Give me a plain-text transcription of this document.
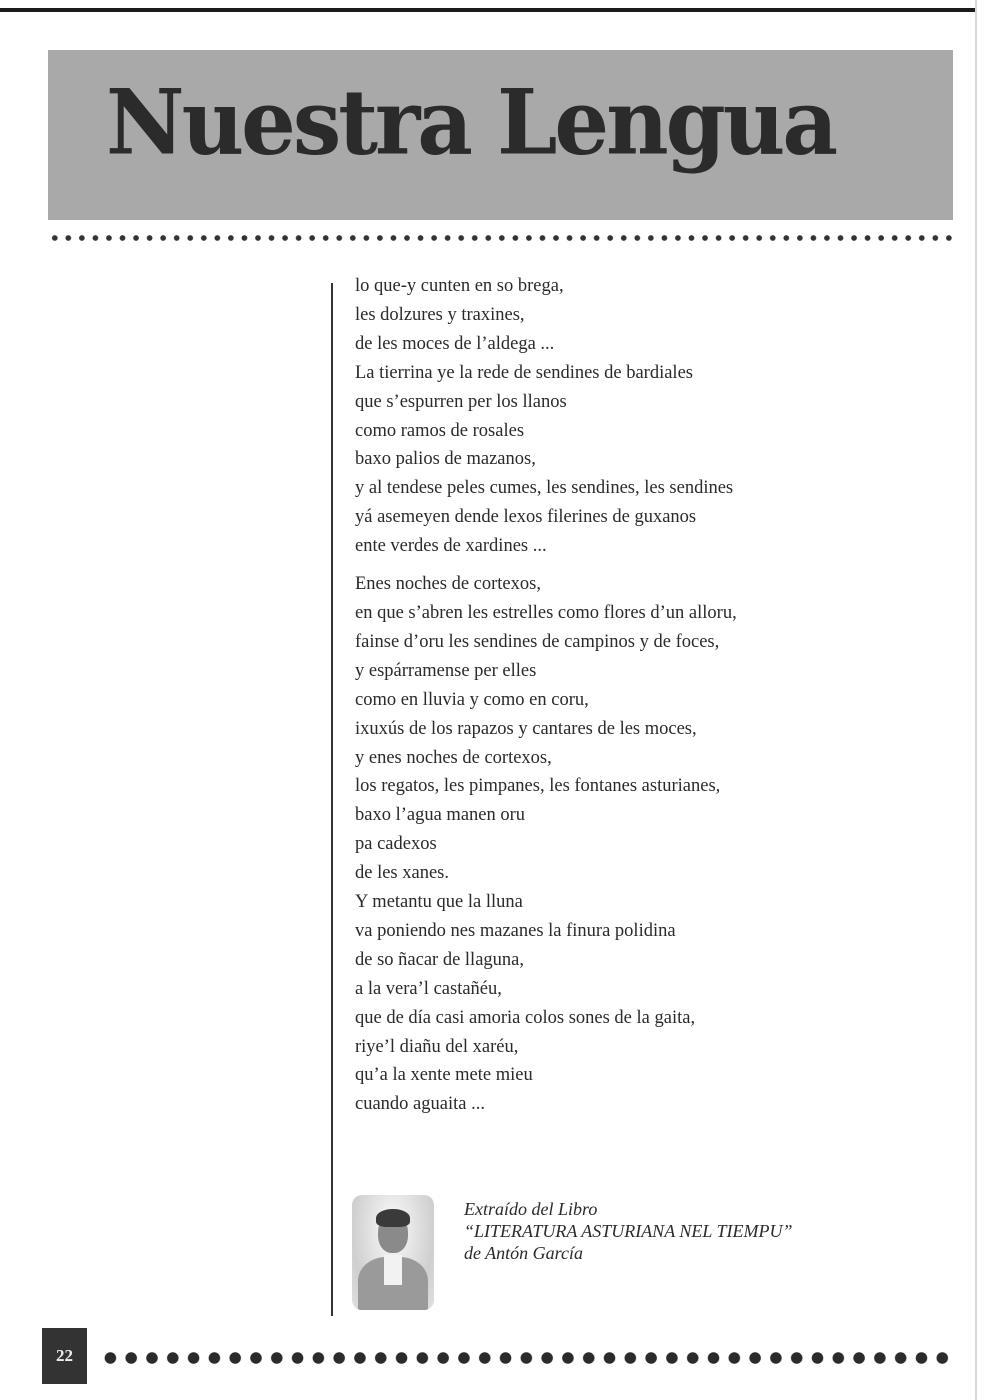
Nuestra Lengua
lo que-y cunten en so brega,
les dolzures y traxines,
de les moces de l’aldega ...
La tierrina ye la rede de sendines de bardiales
que s’espurren per los llanos
como ramos de rosales
baxo palios de mazanos,
y al tendese peles cumes, les sendines, les sendines
yá asemeyen dende lexos filerines de guxanos
ente verdes de xardines ...
Enes noches de cortexos,
en que s’abren les estrelles como flores d’un alloru,
fainse d’oru les sendines de campinos y de foces,
y espárramense per elles
como en lluvia y como en coru,
ixuxús de los rapazos y cantares de les moces,
y enes noches de cortexos,
los regatos, les pimpanes, les fontanes asturianes,
baxo l’agua manen oru
pa cadexos
de les xanes.
Y metantu que la lluna
va poniendo nes mazanes la finura polidina
de so ñacar de llaguna,
a la vera’l castañéu,
que de día casi amoria colos sones de la gaita,
riye’l diañu del xaréu,
qu’a la xente mete mieu
cuando aguaita ...
Extraído del Libro
“LITERATURA ASTURIANA NEL TIEMPU”
de Antón García
22
